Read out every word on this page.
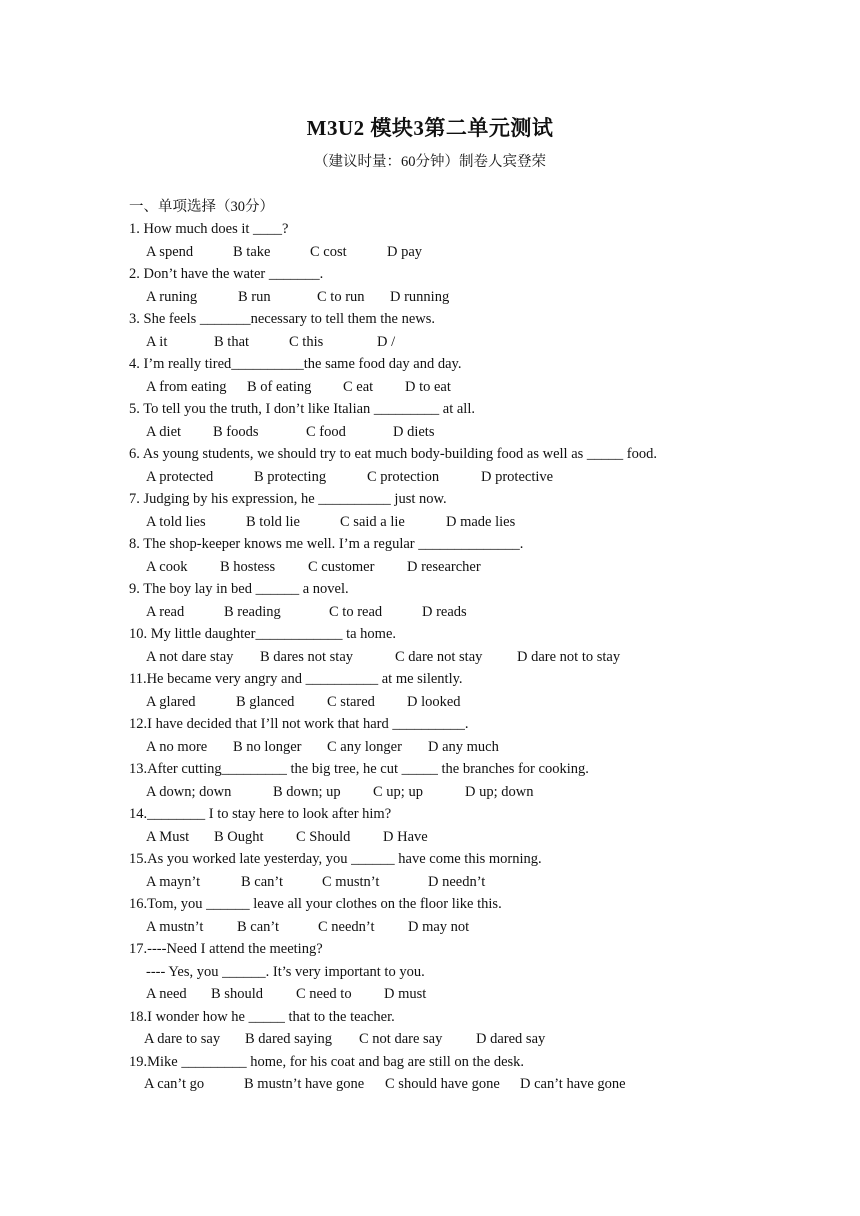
M3U2 模块3第二单元测试
（建议时量：60分钟）制卷人宾登荣
一、单项选择（30分）
1. How much does it ____?
A spend	B take	C cost	D pay
2. Don’t have the water _______.
A runing	B run	C to run D running
3. She feels _______necessary to tell them the news.
A it	B that	C this	D /
4. I’m really tired__________the same food day and day.
A from eating B of eating C eat D to eat
5. To tell you the truth, I don’t like Italian _________ at all.
A diet B foods	C food	D diets
6. As young students, we should try to eat much body-building food as well as _____ food.
A protected	B protecting	C protection	D protective
7. Judging by his expression, he __________ just now.
A told lies	B told lie	C said a lie	D made lies
8. The shop-keeper knows me well. I’m a regular ______________.
A cook B hostess C customer D researcher
9. The boy lay in bed ______ a novel.
A read	B reading	C to read	D reads
10. My little daughter____________ ta home.
A not dare stay B dares not stay	C dare not stay D dare not to stay
11.He became very angry and __________ at me silently.
A glared	B glanced C stared D looked
12.I have decided that I’ll not work that hard __________.
A no more B no longer C any longer D any much
13.After cutting_________ the big tree, he cut _____ the branches for cooking.
A down; down	B down; up C up; up	D up; down
14.________ I to stay here to look after him?
A Must B Ought C Should D Have
15.As you worked late yesterday, you ______ have come this morning.
A mayn’t	B can’t	C mustn’t	D needn’t
16.Tom, you ______ leave all your clothes on the floor like this.
A mustn’t B can’t	C needn’t D may not
17.----Need I attend the meeting?
---- Yes, you ______. It’s very important to you.
A need B should C need to D must
18.I wonder how he _____ that to the teacher.
A dare to say B dared saying C not dare say D dared say
19.Mike _________ home, for his coat and bag are still on the desk.
A can’t go	B mustn’t have gone C should have gone D can’t have gone
